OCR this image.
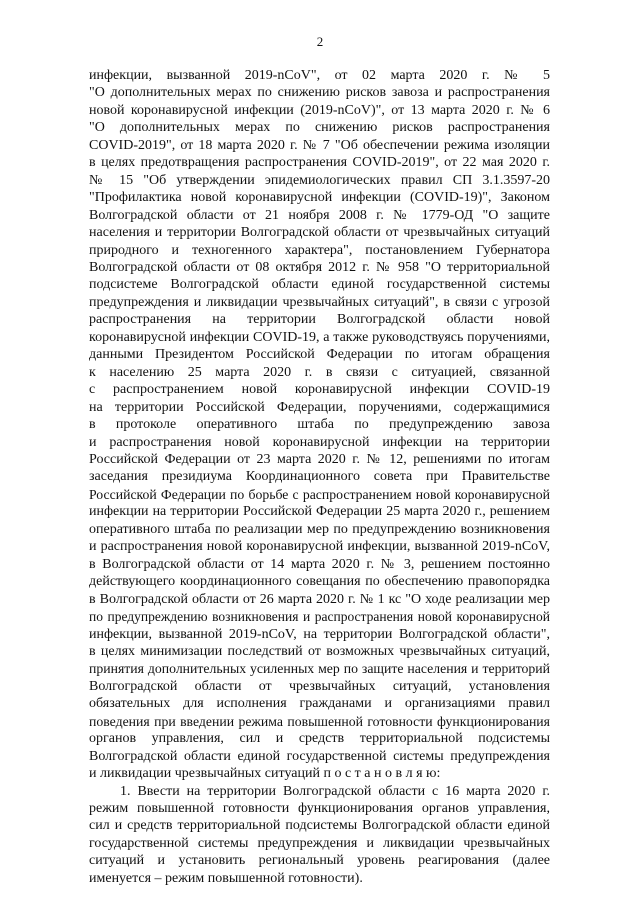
2
инфекции, вызванной 2019-nCoV", от 02 марта 2020 г. № 5
"О дополнительных мерах по снижению рисков завоза и распространения
новой коронавирусной инфекции (2019-nCoV)", от 13 марта 2020 г. № 6
"О дополнительных мерах по снижению рисков распространения
COVID-2019", от 18 марта 2020 г. № 7 "Об обеспечении режима изоляции
в целях предотвращения распространения COVID-2019", от 22 мая 2020 г.
№ 15 "Об утверждении эпидемиологических правил СП 3.1.3597-20
"Профилактика новой коронавирусной инфекции (COVID-19)", Законом
Волгоградской области от 21 ноября 2008 г. № 1779-ОД "О защите
населения и территории Волгоградской области от чрезвычайных ситуаций
природного и техногенного характера", постановлением Губернатора
Волгоградской области от 08 октября 2012 г. № 958 "О территориальной
подсистеме Волгоградской области единой государственной системы
предупреждения и ликвидации чрезвычайных ситуаций", в связи с угрозой
распространения на территории Волгоградской области новой
коронавирусной инфекции COVID-19, а также руководствуясь поручениями,
данными Президентом Российской Федерации по итогам обращения
к населению 25 марта 2020 г. в связи с ситуацией, связанной
с распространением новой коронавирусной инфекции COVID-19
на территории Российской Федерации, поручениями, содержащимися
в протоколе оперативного штаба по предупреждению завоза
и распространения новой коронавирусной инфекции на территории
Российской Федерации от 23 марта 2020 г. № 12, решениями по итогам
заседания президиума Координационного совета при Правительстве
Российской Федерации по борьбе с распространением новой коронавирусной
инфекции на территории Российской Федерации 25 марта 2020 г., решением
оперативного штаба по реализации мер по предупреждению возникновения
и распространения новой коронавирусной инфекции, вызванной 2019-nCoV,
в Волгоградской области от 14 марта 2020 г. № 3, решением постоянно
действующего координационного совещания по обеспечению правопорядка
в Волгоградской области от 26 марта 2020 г. № 1 кс "О ходе реализации мер
по предупреждению возникновения и распространения новой коронавирусной
инфекции, вызванной 2019-nCoV, на территории Волгоградской области",
в целях минимизации последствий от возможных чрезвычайных ситуаций,
принятия дополнительных усиленных мер по защите населения и территорий
Волгоградской области от чрезвычайных ситуаций, установления
обязательных для исполнения гражданами и организациями правил
поведения при введении режима повышенной готовности функционирования
органов управления, сил и средств территориальной подсистемы
Волгоградской области единой государственной системы предупреждения
и ликвидации чрезвычайных ситуаций п о с т а н о в л я ю:
1. Ввести на территории Волгоградской области с 16 марта 2020 г.
режим повышенной готовности функционирования органов управления,
сил и средств территориальной подсистемы Волгоградской области единой
государственной системы предупреждения и ликвидации чрезвычайных
ситуаций и установить региональный уровень реагирования (далее
именуется – режим повышенной готовности).
